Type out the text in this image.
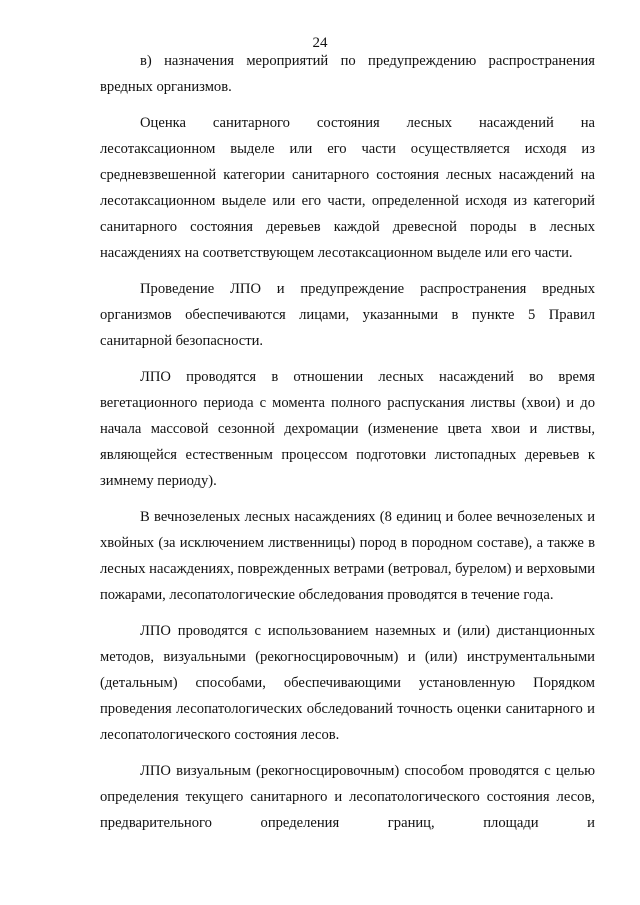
24

в) назначения мероприятий по предупреждению распространения вредных организмов.

Оценка санитарного состояния лесных насаждений на лесотаксационном выделе или его части осуществляется исходя из средневзвешенной категории санитарного состояния лесных насаждений на лесотаксационном выделе или его части, определенной исходя из категорий санитарного состояния деревьев каждой древесной породы в лесных насаждениях на соответствующем лесотаксационном выделе или его части.

Проведение ЛПО и предупреждение распространения вредных организмов обеспечиваются лицами, указанными в пункте 5 Правил санитарной безопасности.

ЛПО проводятся в отношении лесных насаждений во время вегетационного периода с момента полного распускания листвы (хвои) и до начала массовой сезонной дехромации (изменение цвета хвои и листвы, являющейся естественным процессом подготовки листопадных деревьев к зимнему периоду).

В вечнозеленых лесных насаждениях (8 единиц и более вечнозеленых и хвойных (за исключением лиственницы) пород в породном составе), а также в лесных насаждениях, поврежденных ветрами (ветровал, бурелом) и верховыми пожарами, лесопатологические обследования проводятся в течение года.

ЛПО проводятся с использованием наземных и (или) дистанционных методов, визуальными (рекогносцировочным) и (или) инструментальными (детальным) способами, обеспечивающими установленную Порядком проведения лесопатологических обследований точность оценки санитарного и лесопатологического состояния лесов.

ЛПО визуальным (рекогносцировочным) способом проводятся с целью определения текущего санитарного и лесопатологического состояния лесов, предварительного определения границ, площади и
